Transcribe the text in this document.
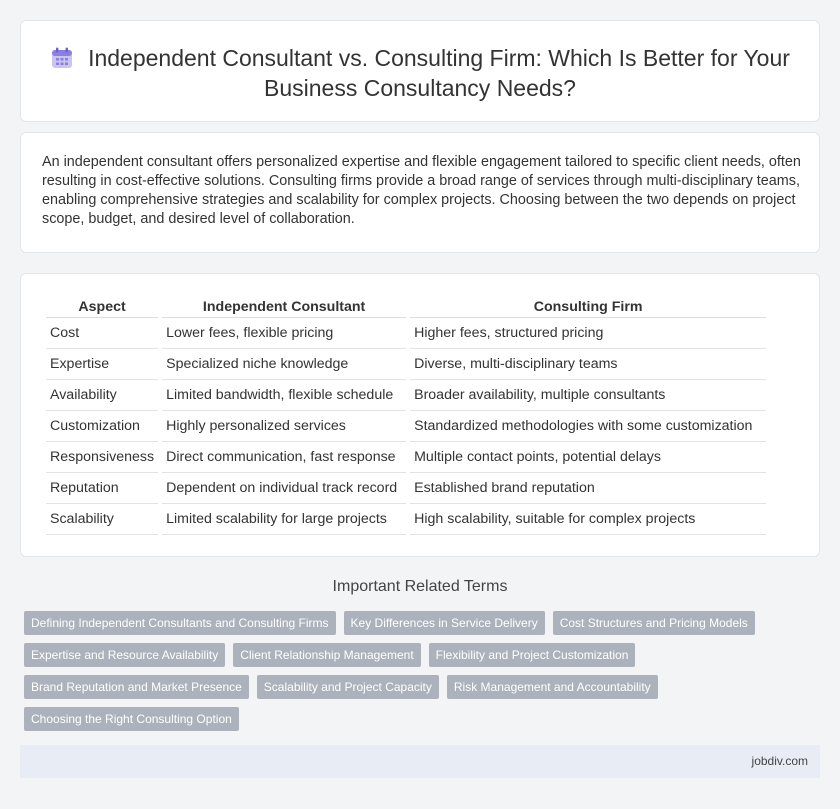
Independent Consultant vs. Consulting Firm: Which Is Better for Your Business Consultancy Needs?

An independent consultant offers personalized expertise and flexible engagement tailored to specific client needs, often resulting in cost-effective solutions. Consulting firms provide a broad range of services through multi-disciplinary teams, enabling comprehensive strategies and scalability for complex projects. Choosing between the two depends on project scope, budget, and desired level of collaboration.

Aspect	Independent Consultant	Consulting Firm
Cost	Lower fees, flexible pricing	Higher fees, structured pricing
Expertise	Specialized niche knowledge	Diverse, multi-disciplinary teams
Availability	Limited bandwidth, flexible schedule	Broader availability, multiple consultants
Customization	Highly personalized services	Standardized methodologies with some customization
Responsiveness	Direct communication, fast response	Multiple contact points, potential delays
Reputation	Dependent on individual track record	Established brand reputation
Scalability	Limited scalability for large projects	High scalability, suitable for complex projects
Important Related Terms
Defining Independent Consultants and Consulting Firms	Key Differences in Service Delivery	Cost Structures and Pricing Models
Expertise and Resource Availability	Client Relationship Management	Flexibility and Project Customization
Brand Reputation and Market Presence	Scalability and Project Capacity	Risk Management and Accountability
Choosing the Right Consulting Option
jobdiv.com
